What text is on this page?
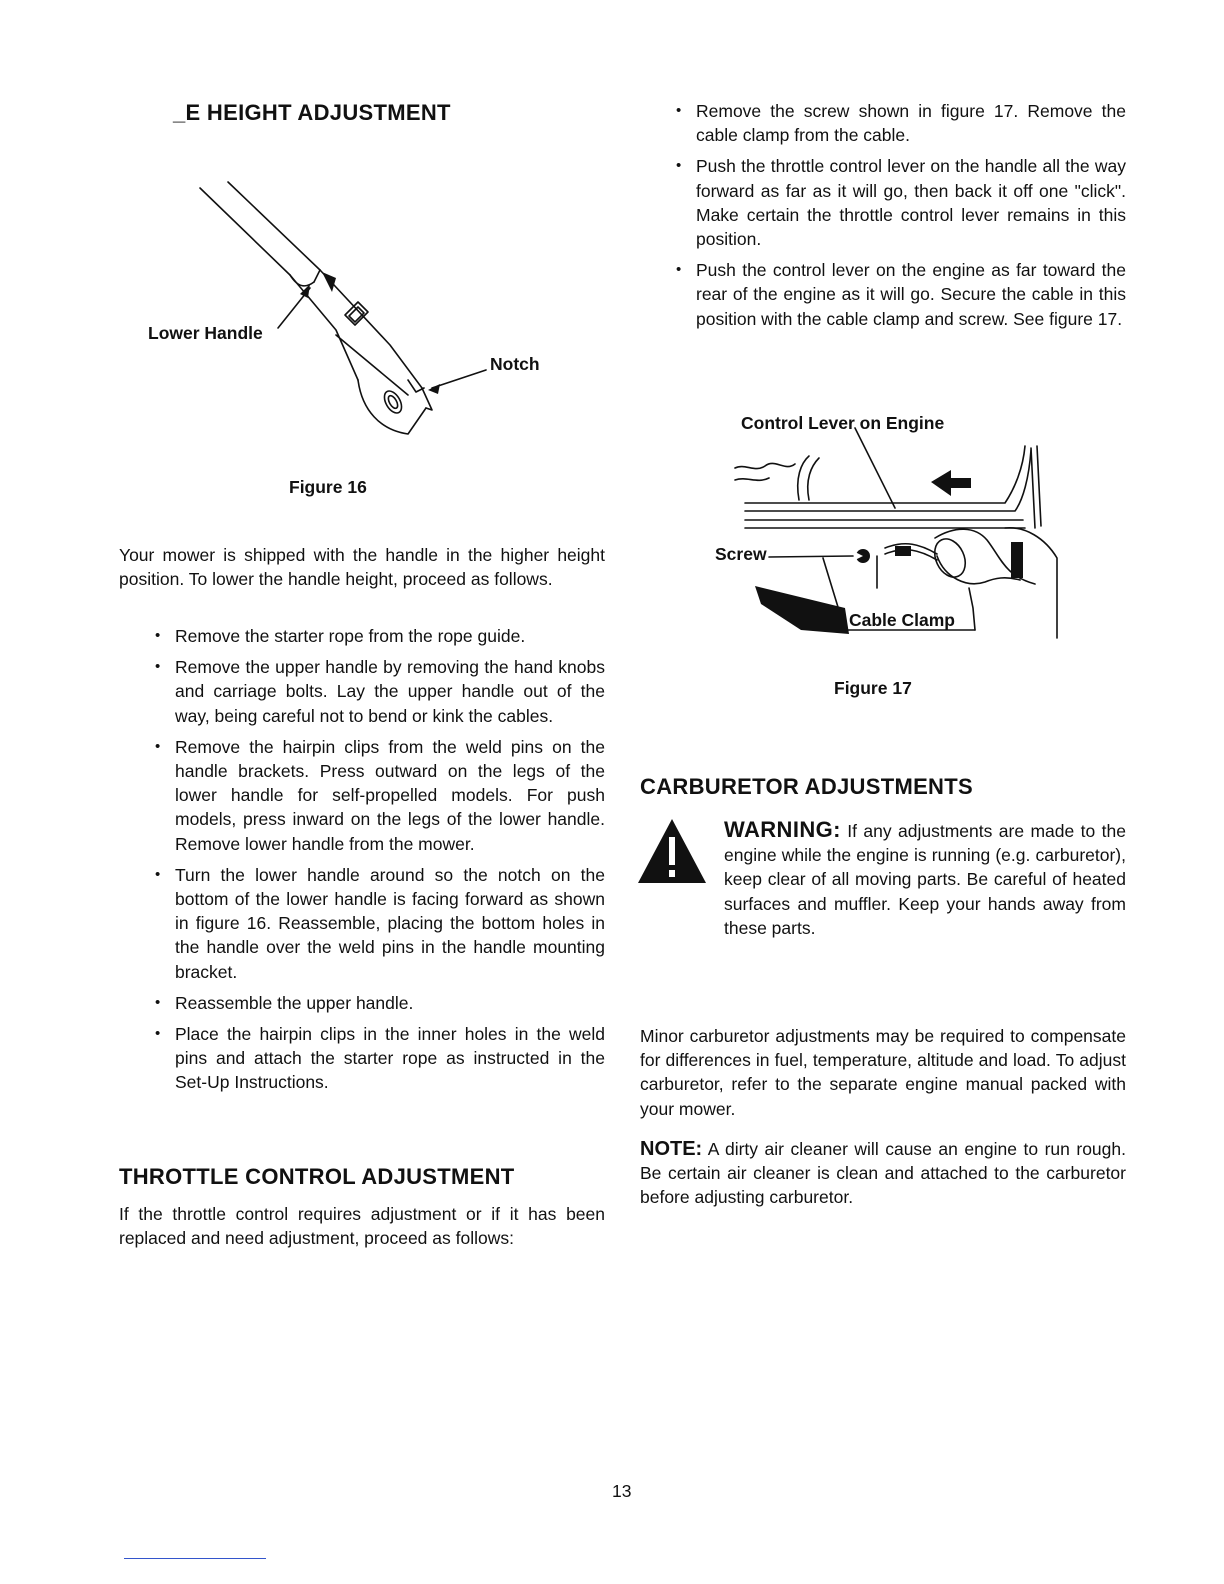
_E HEIGHT ADJUSTMENT
Lower Handle
Notch
Figure 16

Your mower is shipped with the handle in the higher height position. To lower the handle height, proceed as follows.

• Remove the starter rope from the rope guide.
• Remove the upper handle by removing the hand knobs and carriage bolts. Lay the upper handle out of the way, being careful not to bend or kink the cables.
• Remove the hairpin clips from the weld pins on the handle brackets. Press outward on the legs of the lower handle for self-propelled models. For push models, press inward on the legs of the lower handle. Remove lower handle from the mower.
• Turn the lower handle around so the notch on the bottom of the lower handle is facing forward as shown in figure 16. Reassemble, placing the bottom holes in the handle over the weld pins in the handle mounting bracket.
• Reassemble the upper handle.
• Place the hairpin clips in the inner holes in the weld pins and attach the starter rope as instructed in the Set-Up Instructions.
THROTTLE CONTROL ADJUSTMENT

If the throttle control requires adjustment or if it has been replaced and need adjustment, proceed as follows:

• Remove the screw shown in figure 17. Remove the cable clamp from the cable.
• Push the throttle control lever on the handle all the way forward as far as it will go, then back it off one "click". Make certain the throttle control lever remains in this position.
• Push the control lever on the engine as far toward the rear of the engine as it will go. Secure the cable in this position with the cable clamp and screw. See figure 17.
Control Lever on Engine
Screw
Cable Clamp
Figure 17
CARBURETOR ADJUSTMENTS

WARNING: If any adjustments are made to the engine while the engine is running (e.g. carburetor), keep clear of all moving parts. Be careful of heated surfaces and muffler. Keep your hands away from these parts.

Minor carburetor adjustments may be required to compensate for differences in fuel, temperature, altitude and load. To adjust carburetor, refer to the separate engine manual packed with your mower.

NOTE: A dirty air cleaner will cause an engine to run rough. Be certain air cleaner is clean and attached to the carburetor before adjusting carburetor.

13
